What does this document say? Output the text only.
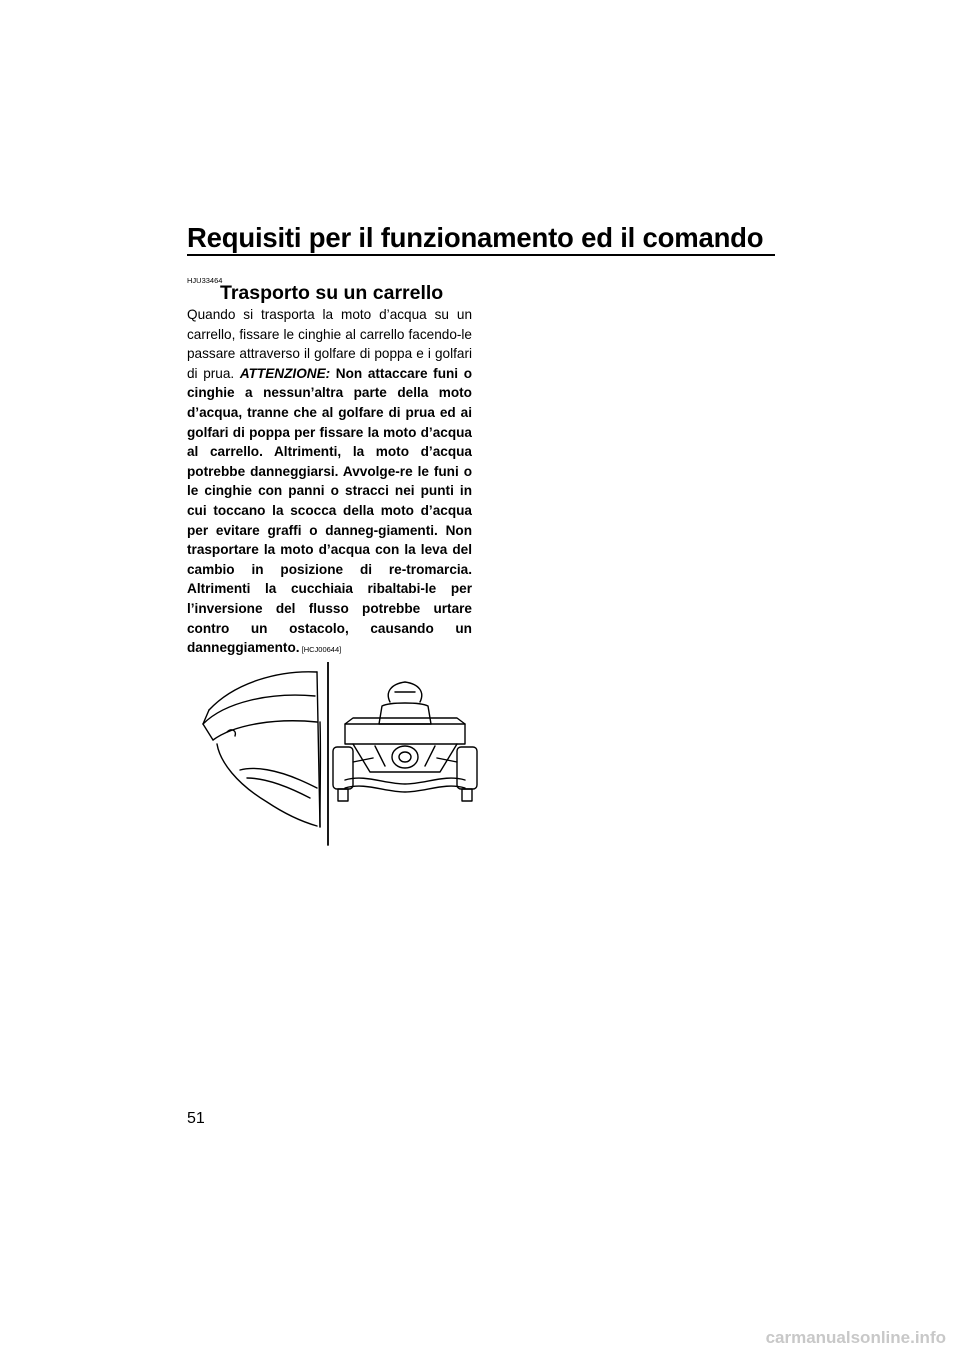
Requisiti per il funzionamento ed il comando
HJU33464
Trasporto su un carrello
Quando si trasporta la moto d’acqua su un carrello, fissare le cinghie al carrello facendo-le passare attraverso il golfare di poppa e i golfari di prua. ATTENZIONE: Non attaccare funi o cinghie a nessun’altra parte della moto d’acqua, tranne che al golfare di prua ed ai golfari di poppa per fissare la moto d’acqua al carrello. Altrimenti, la moto d’acqua potrebbe danneggiarsi. Avvolge-re le funi o le cinghie con panni o stracci nei punti in cui toccano la scocca della moto d’acqua per evitare graffi o danneg-giamenti. Non trasportare la moto d’acqua con la leva del cambio in posizione di re-tromarcia. Altrimenti la cucchiaia ribaltabi-le per l’inversione del flusso potrebbe urtare contro un ostacolo, causando un danneggiamento. [HCJ00644]
51
carmanualsonline.info
